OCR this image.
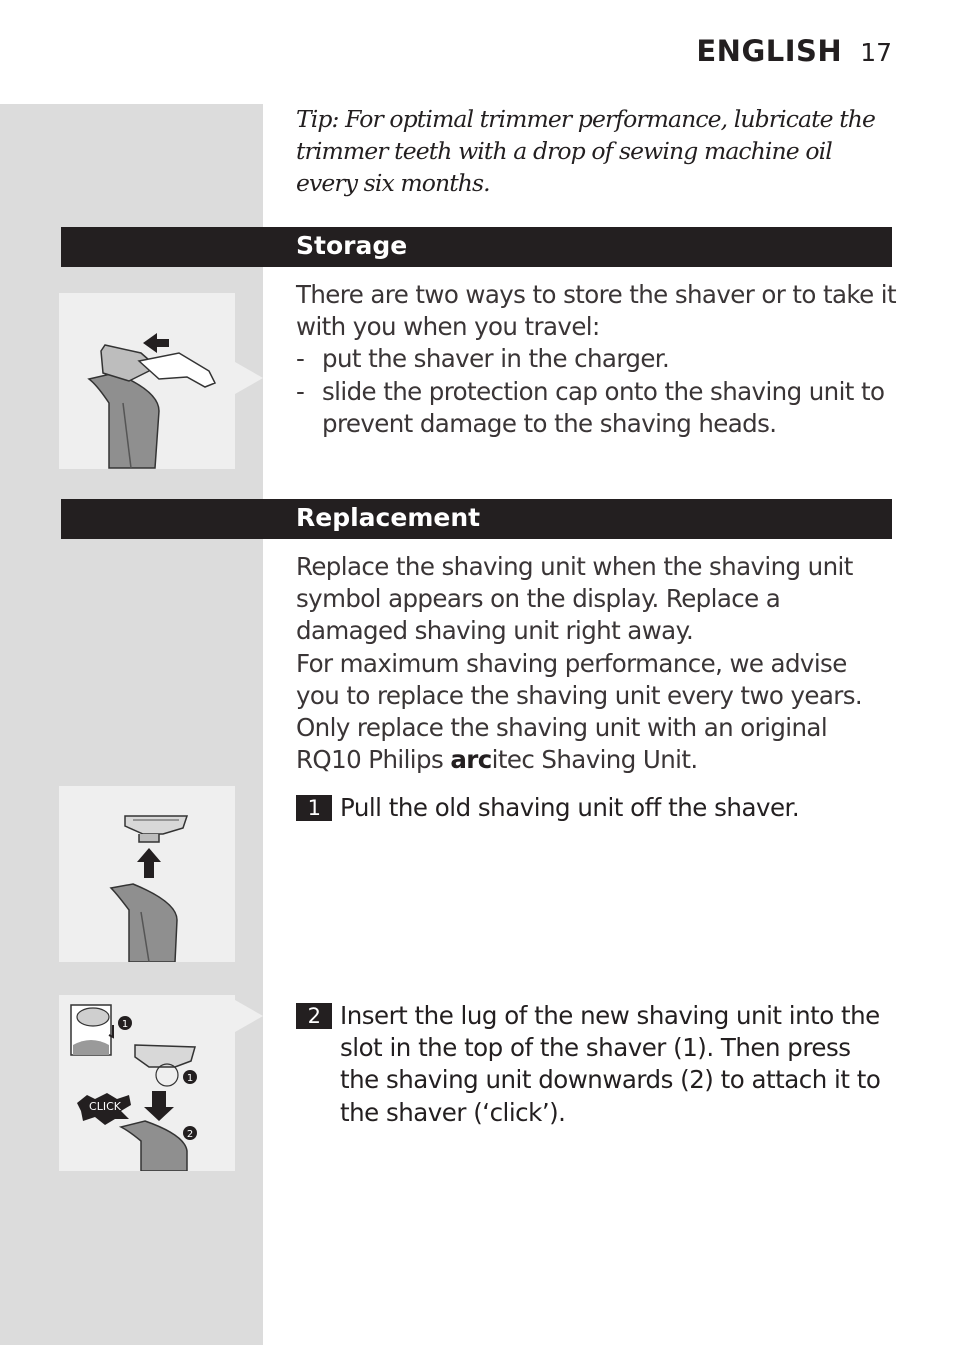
ENGLISH 17
Tip: For optimal trimmer performance, lubricate the trimmer teeth with a drop of sewing machine oil every six months.
Storage
There are two ways to store the shaver or to take it with you when you travel:
- put the shaver in the charger.
- slide the protection cap onto the shaving unit to prevent damage to the shaving heads.
Replacement
Replace the shaving unit when the shaving unit symbol appears on the display. Replace a damaged shaving unit right away.
For maximum shaving performance, we advise you to replace the shaving unit every two years.
Only replace the shaving unit with an original RQ10 Philips arcitec Shaving Unit.
1 Pull the old shaving unit off the shaver.
1
1
CLICK
2
2 Insert the lug of the new shaving unit into the slot in the top of the shaver (1). Then press the shaving unit downwards (2) to attach it to the shaver (‘click’).
